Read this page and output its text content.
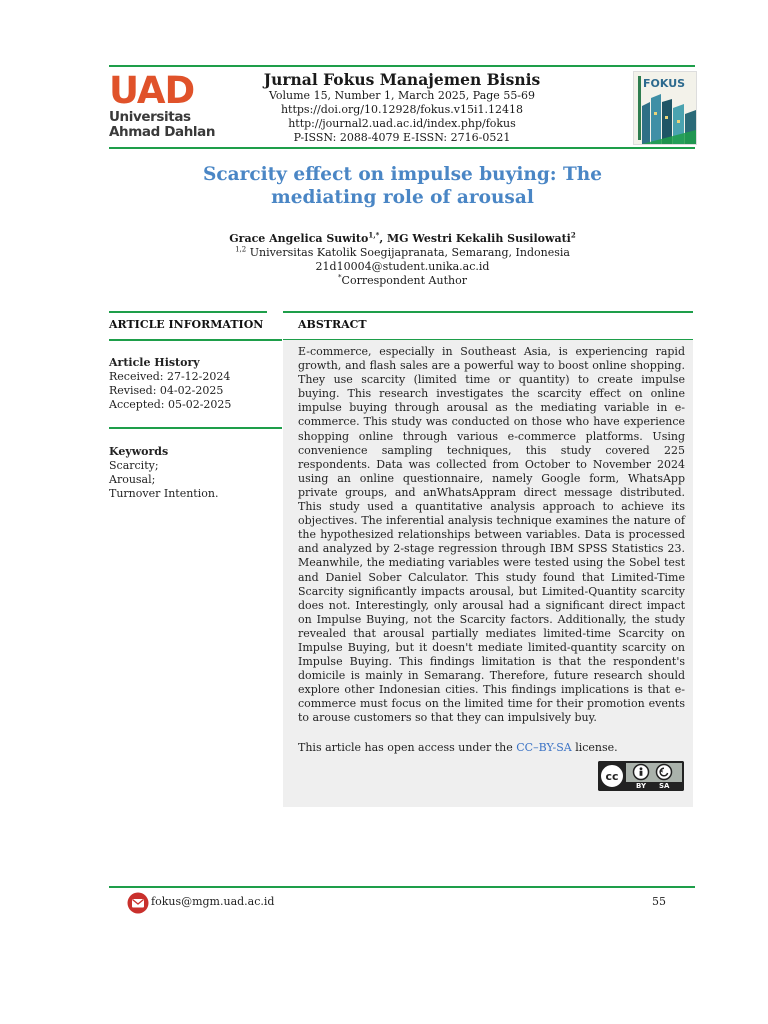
UAD
Universitas
Ahmad Dahlan
Jurnal Fokus Manajemen Bisnis
Volume 15, Number 1, March 2025, Page 55-69
https://doi.org/10.12928/fokus.v15i1.12418
http://journal2.uad.ac.id/index.php/fokus
P-ISSN: 2088-4079 E-ISSN: 2716-0521
FOKUS
Scarcity effect on impulse buying: The mediating role of arousal
Grace Angelica Suwito$^{1,*}$, MG Westri Kekalih Susilowati$^2$
$^{1,2}$ Universitas Katolik Soegijapranata, Semarang, Indonesia
21d10004@student.unika.ac.id
*Correspondent Author
ARTICLE INFORMATION	ABSTRACT
Article History
Received: 27-12-2024
Revised: 04-02-2025
Accepted: 05-02-2025
Keywords
Scarcity;
Arousal;
Turnover Intention.
E-commerce, especially in Southeast Asia, is experiencing rapid growth, and flash sales are a powerful way to boost online shopping. They use scarcity (limited time or quantity) to create impulse buying. This research investigates the scarcity effect on online impulse buying through arousal as the mediating variable in e-commerce. This study was conducted on those who have experience shopping online through various e-commerce platforms. Using convenience sampling techniques, this study covered 225 respondents. Data was collected from October to November 2024 using an online questionnaire, namely Google form, WhatsApp private groups, and anWhatsAppram direct message distributed. This study used a quantitative analysis approach to achieve its objectives. The inferential analysis technique examines the nature of the hypothesized relationships between variables. Data is processed and analyzed by 2-stage regression through IBM SPSS Statistics 23. Meanwhile, the mediating variables were tested using the Sobel test and Daniel Sober Calculator. This study found that Limited-Time Scarcity significantly impacts arousal, but Limited-Quantity scarcity does not. Interestingly, only arousal had a significant direct impact on Impulse Buying, not the Scarcity factors. Additionally, the study revealed that arousal partially mediates limited-time Scarcity on Impulse Buying, but it doesn't mediate limited-quantity scarcity on Impulse Buying. This findings limitation is that the respondent's domicile is mainly in Semarang. Therefore, future research should explore other Indonesian cities. This findings implications is that e-commerce must focus on the limited time for their promotion events to arouse customers so that they can impulsively buy.
This article has open access under the CC–BY-SA license.
cc
BY SA
fokus@mgm.uad.ac.id	55
